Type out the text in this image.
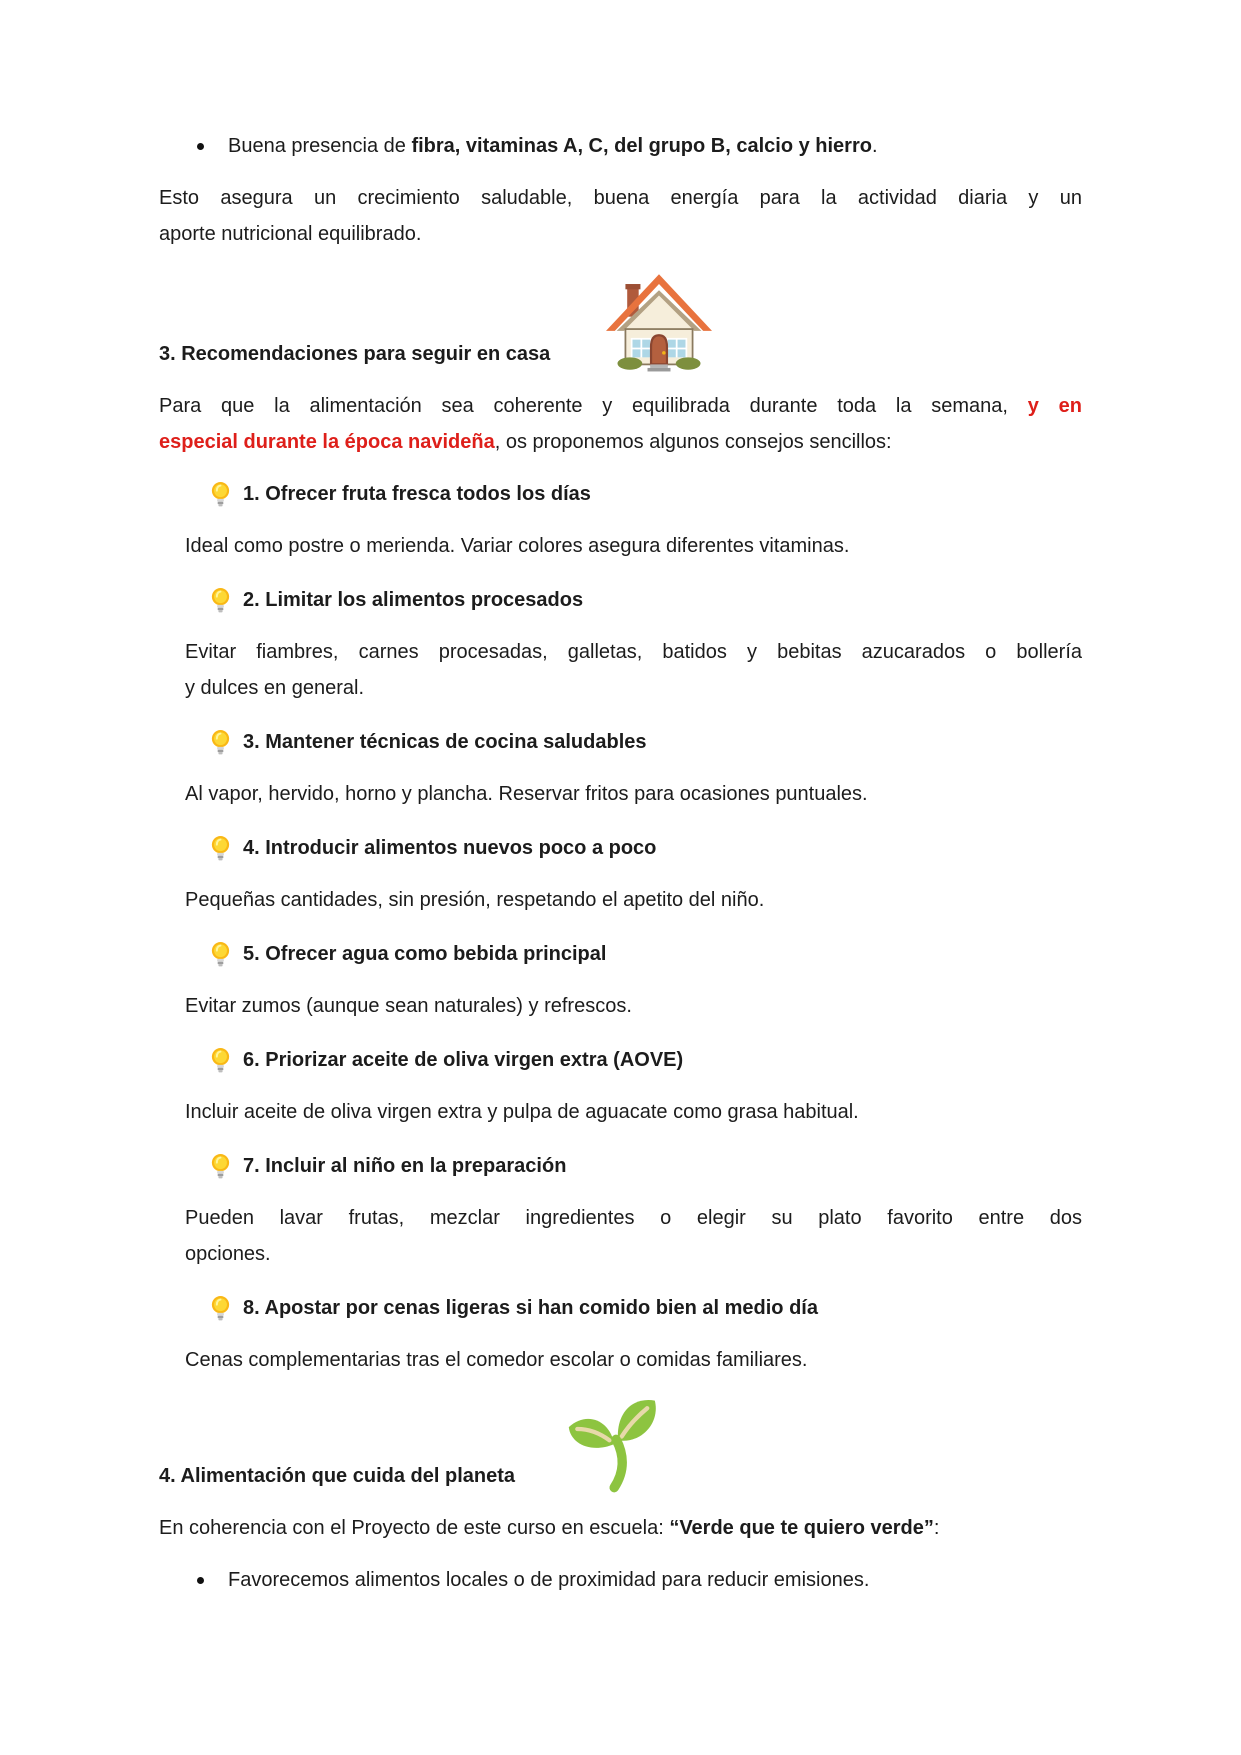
Buena presencia de fibra, vitaminas A, C, del grupo B, calcio y hierro.
Esto asegura un crecimiento saludable, buena energía para la actividad diaria y un
aporte nutricional equilibrado.
3. Recomendaciones para seguir en casa
Para que la alimentación sea coherente y equilibrada durante toda la semana, y en
especial durante la época navideña, os proponemos algunos consejos sencillos:
1. Ofrecer fruta fresca todos los días
Ideal como postre o merienda. Variar colores asegura diferentes vitaminas.
2. Limitar los alimentos procesados
Evitar fiambres, carnes procesadas, galletas, batidos y bebitas azucarados o bollería
y dulces en general.
3. Mantener técnicas de cocina saludables
Al vapor, hervido, horno y plancha. Reservar fritos para ocasiones puntuales.
4. Introducir alimentos nuevos poco a poco
Pequeñas cantidades, sin presión, respetando el apetito del niño.
5. Ofrecer agua como bebida principal
Evitar zumos (aunque sean naturales) y refrescos.
6. Priorizar aceite de oliva virgen extra (AOVE)
Incluir aceite de oliva virgen extra y pulpa de aguacate como grasa habitual.
7. Incluir al niño en la preparación
Pueden lavar frutas, mezclar ingredientes o elegir su plato favorito entre dos
opciones.
8. Apostar por cenas ligeras si han comido bien al medio día
Cenas complementarias tras el comedor escolar o comidas familiares.
4. Alimentación que cuida del planeta
En coherencia con el Proyecto de este curso en escuela: “Verde que te quiero verde”:
Favorecemos alimentos locales o de proximidad para reducir emisiones.
